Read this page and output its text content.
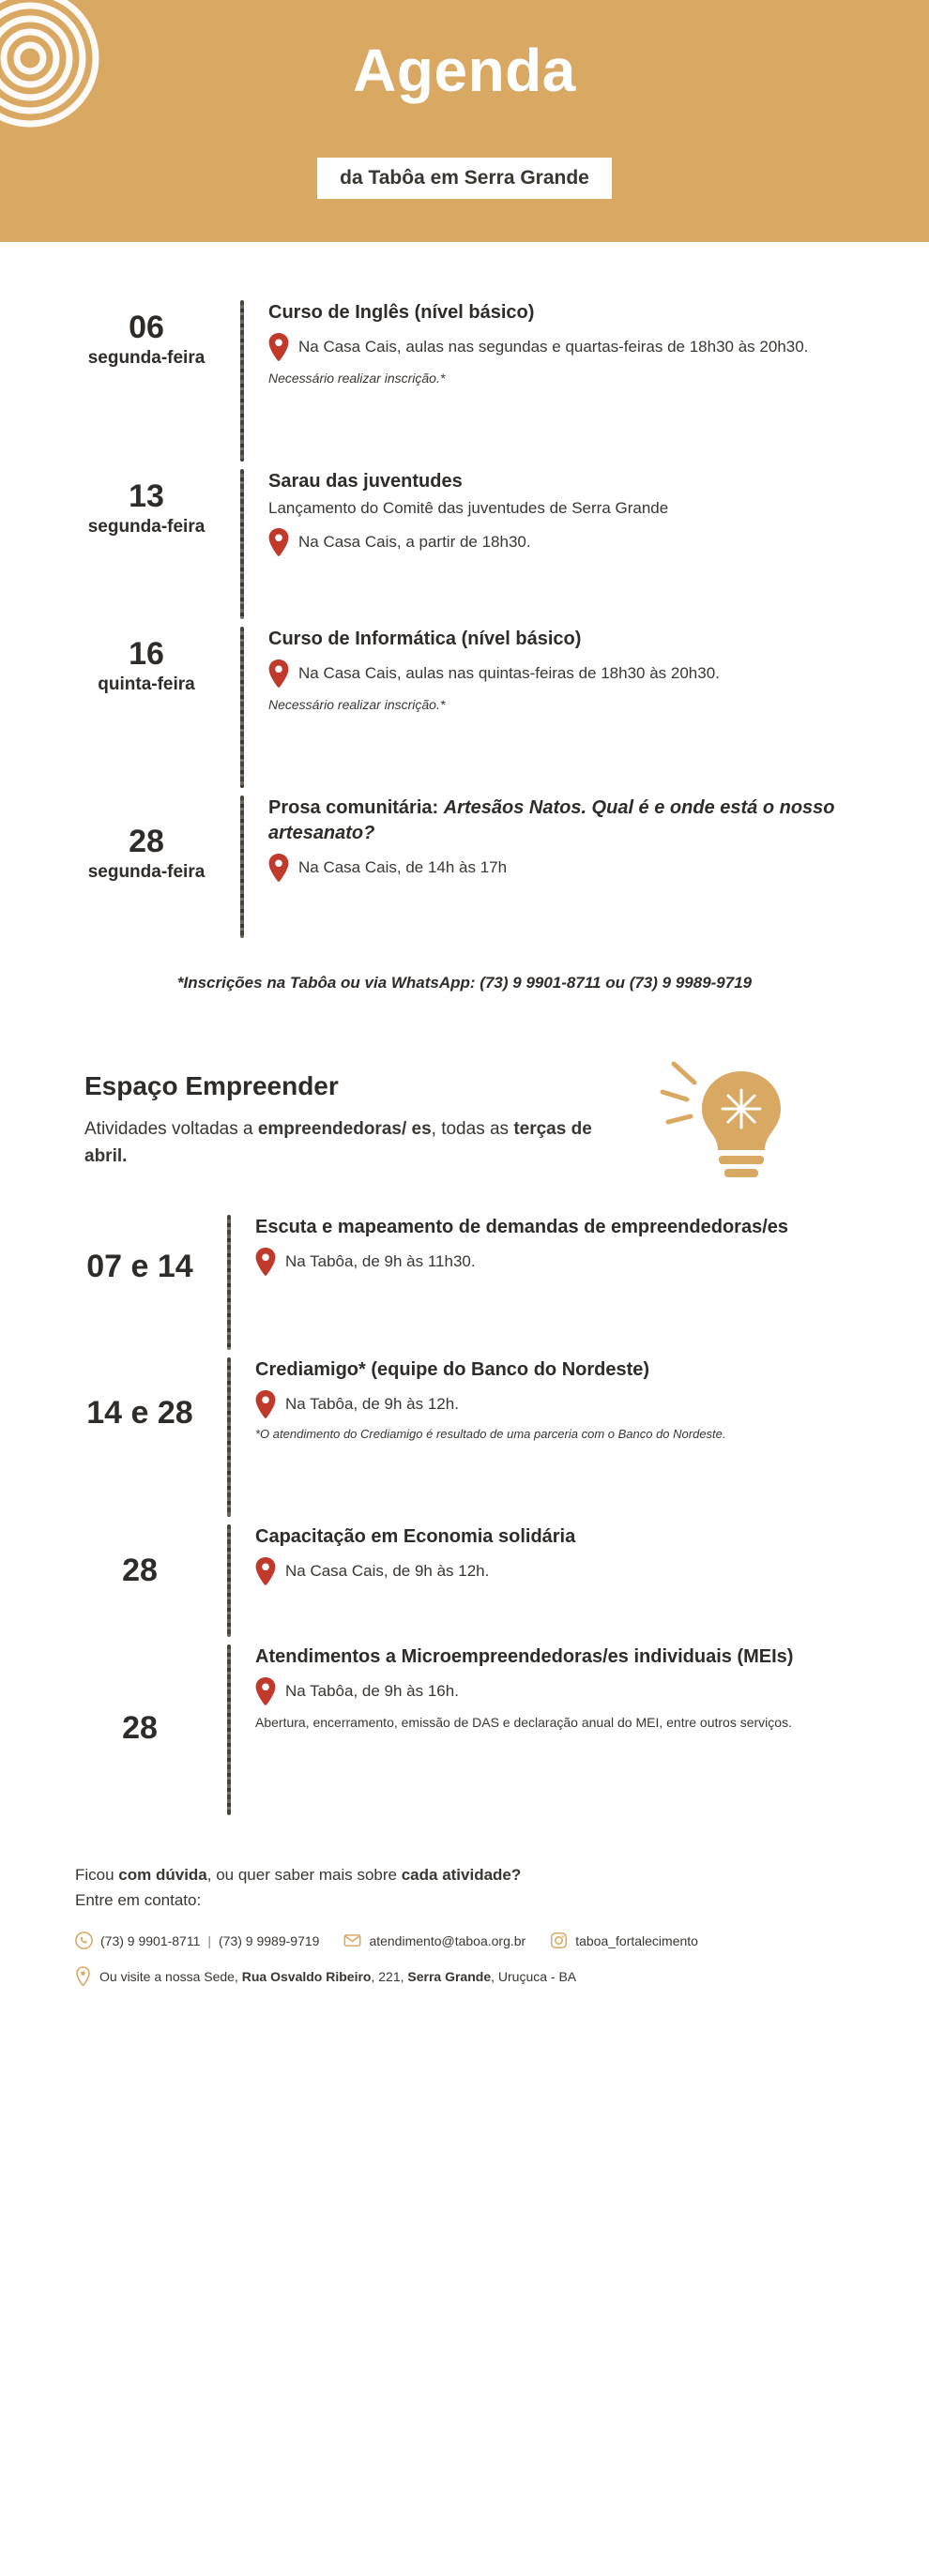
Agenda
da Tabôa em Serra Grande
06
segunda-feira
Curso de Inglês (nível básico)
Na Casa Cais, aulas nas segundas e quartas-feiras de 18h30 às 20h30.
Necessário realizar inscrição.*
13
segunda-feira
Sarau das juventudes
Lançamento do Comitê das juventudes de Serra Grande
Na Casa Cais, a partir de 18h30.
16
quinta-feira
Curso de Informática (nível básico)
Na Casa Cais, aulas nas quintas-feiras de 18h30 às 20h30.
Necessário realizar inscrição.*
28
segunda-feira
Prosa comunitária: Artesãos Natos. Qual é e onde está o nosso artesanato?
Na Casa Cais, de 14h às 17h
*Inscrições na Tabôa ou via WhatsApp: (73) 9 9901-8711 ou (73) 9 9989-9719
Espaço Empreender
Atividades voltadas a empreendedoras/ es, todas as terças de abril.
07 e 14
Escuta e mapeamento de demandas de empreendedoras/es
Na Tabôa, de 9h às 11h30.
14 e 28
Crediamigo* (equipe do Banco do Nordeste)
Na Tabôa, de 9h às 12h.
*O atendimento do Crediamigo é resultado de uma parceria com o Banco do Nordeste.
28
Capacitação em Economia solidária
Na Casa Cais, de 9h às 12h.
28
Atendimentos a Microempreendedoras/es individuais (MEIs)
Na Tabôa, de 9h às 16h.
Abertura, encerramento, emissão de DAS e declaração anual do MEI, entre outros serviços.
Ficou com dúvida, ou quer saber mais sobre cada atividade?
Entre em contato:
(73) 9 9901-8711 | (73) 9 9989-9719	atendimento@taboa.org.br	taboa_fortalecimento
Ou visite a nossa Sede, Rua Osvaldo Ribeiro, 221, Serra Grande, Uruçuca - BA
